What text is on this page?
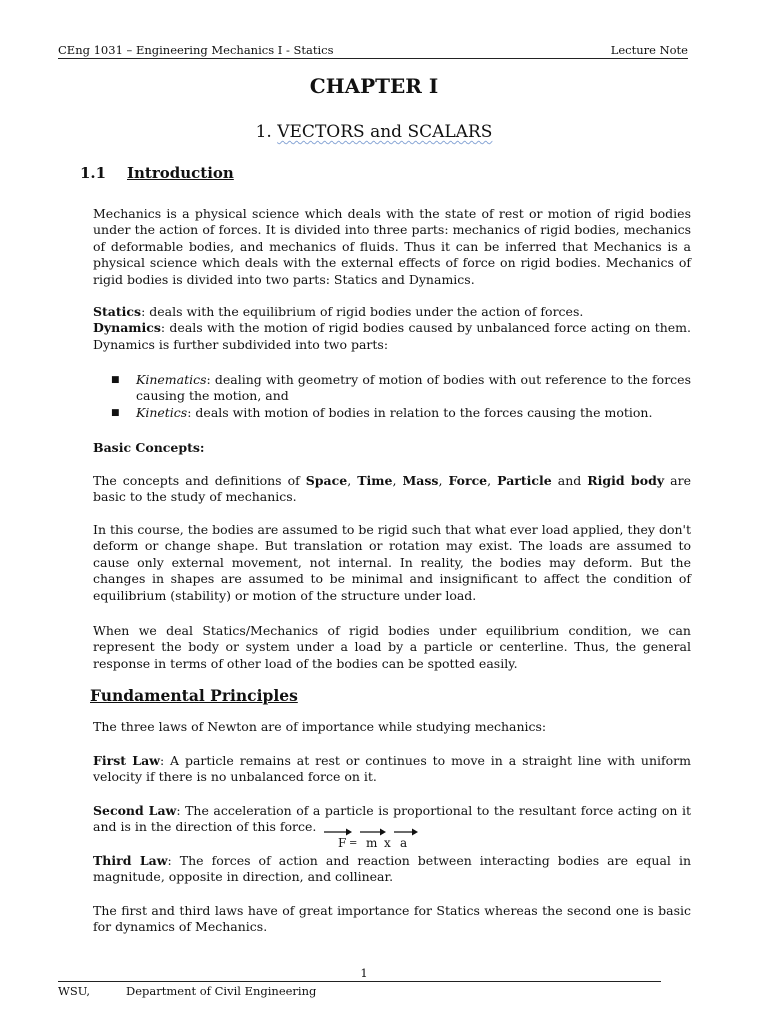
CEng 1031 – Engineering Mechanics I - Statics	Lecture Note
CHAPTER I
1. VECTORS and SCALARS
1.1 Introduction
Mechanics is a physical science which deals with the state of rest or motion of rigid bodies under the action of forces. It is divided into three parts: mechanics of rigid bodies, mechanics of deformable bodies, and mechanics of fluids. Thus it can be inferred that Mechanics is a physical science which deals with the external effects of force on rigid bodies. Mechanics of rigid bodies is divided into two parts: Statics and Dynamics.
Statics: deals with the equilibrium of rigid bodies under the action of forces.
Dynamics: deals with the motion of rigid bodies caused by unbalanced force acting on them. Dynamics is further subdivided into two parts:
■ Kinematics: dealing with geometry of motion of bodies with out reference to the forces causing the motion, and
■ Kinetics: deals with motion of bodies in relation to the forces causing the motion.
Basic Concepts:
The concepts and definitions of Space, Time, Mass, Force, Particle and Rigid body are basic to the study of mechanics.
In this course, the bodies are assumed to be rigid such that what ever load applied, they don't deform or change shape. But translation or rotation may exist. The loads are assumed to cause only external movement, not internal. In reality, the bodies may deform. But the changes in shapes are assumed to be minimal and insignificant to affect the condition of equilibrium (stability) or motion of the structure under load.
When we deal Statics/Mechanics of rigid bodies under equilibrium condition, we can represent the body or system under a load by a particle or centerline. Thus, the general response in terms of other load of the bodies can be spotted easily.
Fundamental Principles
The three laws of Newton are of importance while studying mechanics:
First Law: A particle remains at rest or continues to move in a straight line with uniform velocity if there is no unbalanced force on it.
Second Law: The acceleration of a particle is proportional to the resultant force acting on it and is in the direction of this force.
F = m x a
Third Law: The forces of action and reaction between interacting bodies are equal in magnitude, opposite in direction, and collinear.
The first and third laws have of great importance for Statics whereas the second one is basic for dynamics of Mechanics.
1
WSU,	Department of Civil Engineering
